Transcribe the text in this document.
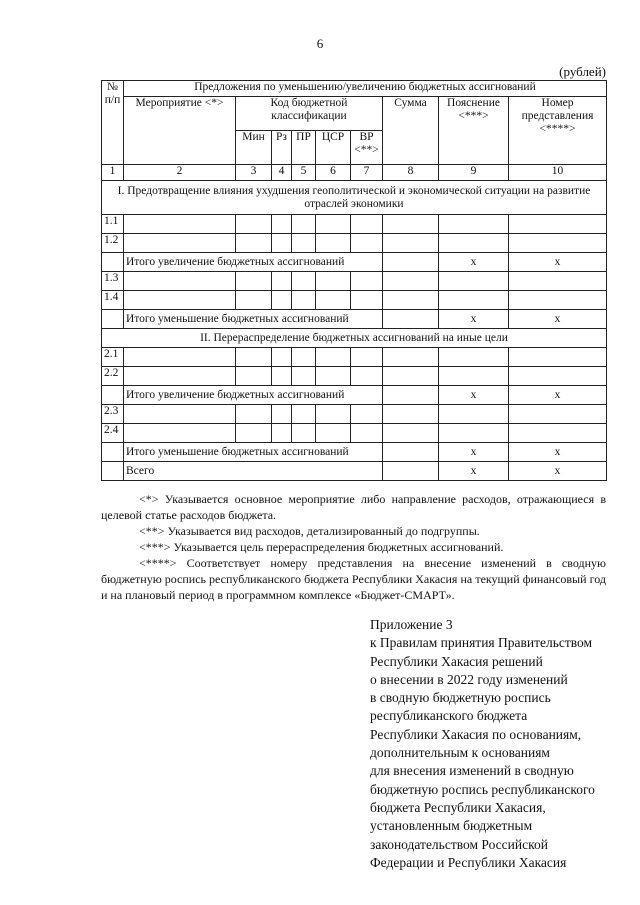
6
(рублей)
№ п/п	Предложения по уменьшению/увеличению бюджетных ассигнований								
	Мероприятие <*>	Код бюджетной классификации					Сумма	Пояснение <***>	Номер представления <****>
		Мин	Рз	ПР	ЦСР	ВР <**>			
1	2	3	4	5	6	7	8	9	10
I. Предотвращение влияния ухудшения геополитической и экономической ситуации на развитие отраслей экономики									
1.1									
1.2									
	Итого увеличение бюджетных ассигнований							x	x
1.3									
1.4									
	Итого уменьшение бюджетных ассигнований							x	x
II. Перераспределение бюджетных ассигнований на иные цели									
2.1									
2.2									
	Итого увеличение бюджетных ассигнований							x	x
2.3									
2.4									
	Итого уменьшение бюджетных ассигнований							x	x
	Всего							x	x

<*> Указывается основное мероприятие либо направление расходов, отражающиеся в целевой статье расходов бюджета.

<**> Указывается вид расходов, детализированный до подгруппы.

<***> Указывается цель перераспределения бюджетных ассигнований.

<****> Соответствует номеру представления на внесение изменений в сводную бюджетную роспись республиканского бюджета Республики Хакасия на текущий финансовый год и на плановый период в программном комплексе «Бюджет-СМАРТ».

Приложение 3
к Правилам принятия Правительством
Республики Хакасия решений
о внесении в 2022 году изменений
в сводную бюджетную роспись
республиканского бюджета
Республики Хакасия по основаниям,
дополнительным к основаниям
для внесения изменений в сводную
бюджетную роспись республиканского
бюджета Республики Хакасия,
установленным бюджетным
законодательством Российской
Федерации и Республики Хакасия
